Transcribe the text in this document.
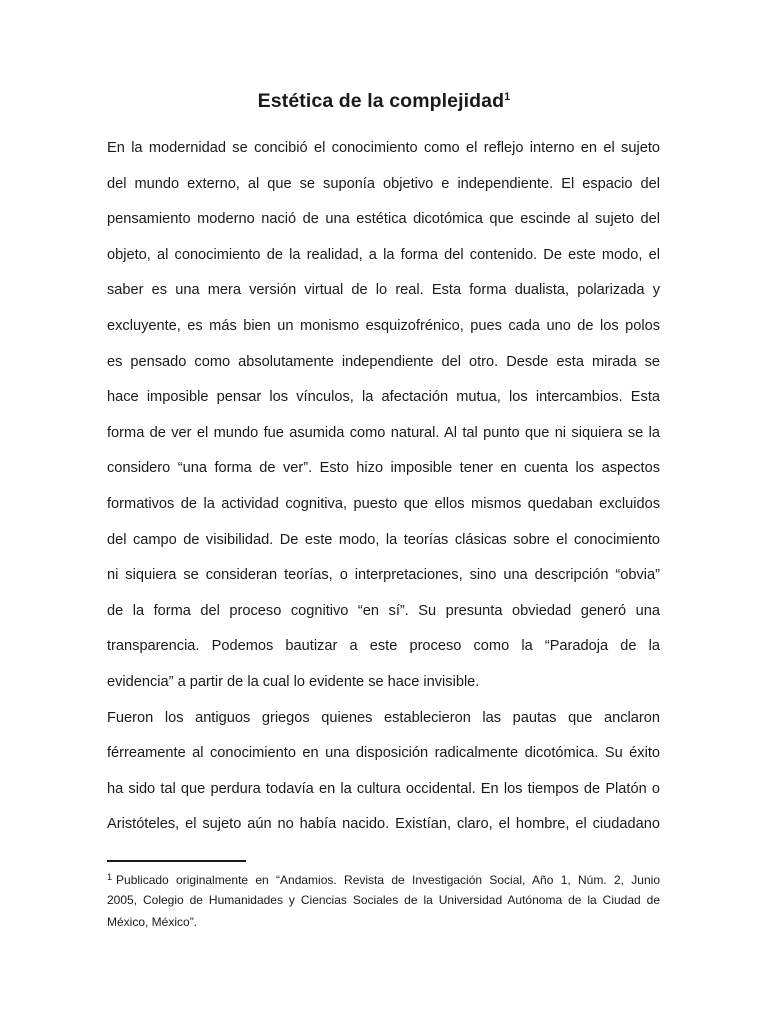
Estética de la complejidad$^1$
En la modernidad se concibió el conocimiento como el reflejo interno en el sujeto
del mundo externo, al que se suponía objetivo e independiente. El espacio del
pensamiento moderno nació de una estética dicotómica que escinde al sujeto del
objeto, al conocimiento de la realidad, a la forma del contenido. De este modo, el
saber es una mera versión virtual de lo real. Esta forma dualista, polarizada y
excluyente, es más bien un monismo esquizofrénico, pues cada uno de los polos
es pensado como absolutamente independiente del otro. Desde esta mirada se
hace imposible pensar los vínculos, la afectación mutua, los intercambios. Esta
forma de ver el mundo fue asumida como natural. Al tal punto que ni siquiera se la
considero “una forma de ver”. Esto hizo imposible tener en cuenta los aspectos
formativos de la actividad cognitiva, puesto que ellos mismos quedaban excluidos
del campo de visibilidad. De este modo, la teorías clásicas sobre el conocimiento
ni siquiera se consideran teorías, o interpretaciones, sino una descripción “obvia”
de la forma del proceso cognitivo “en sí”. Su presunta obviedad generó una
transparencia. Podemos bautizar a este proceso como la “Paradoja de la
evidencia” a partir de la cual lo evidente se hace invisible.
Fueron los antiguos griegos quienes establecieron las pautas que anclaron
férreamente al conocimiento en una disposición radicalmente dicotómica. Su éxito
ha sido tal que perdura todavía en la cultura occidental. En los tiempos de Platón o
Aristóteles, el sujeto aún no había nacido. Existían, claro, el hombre, el ciudadano
$^1$ Publicado originalmente en “Andamios. Revista de Investigación Social, Año 1, Núm. 2, Junio
2005, Colegio de Humanidades y Ciencias Sociales de la Universidad Autónoma de la Ciudad de
México, México”.
